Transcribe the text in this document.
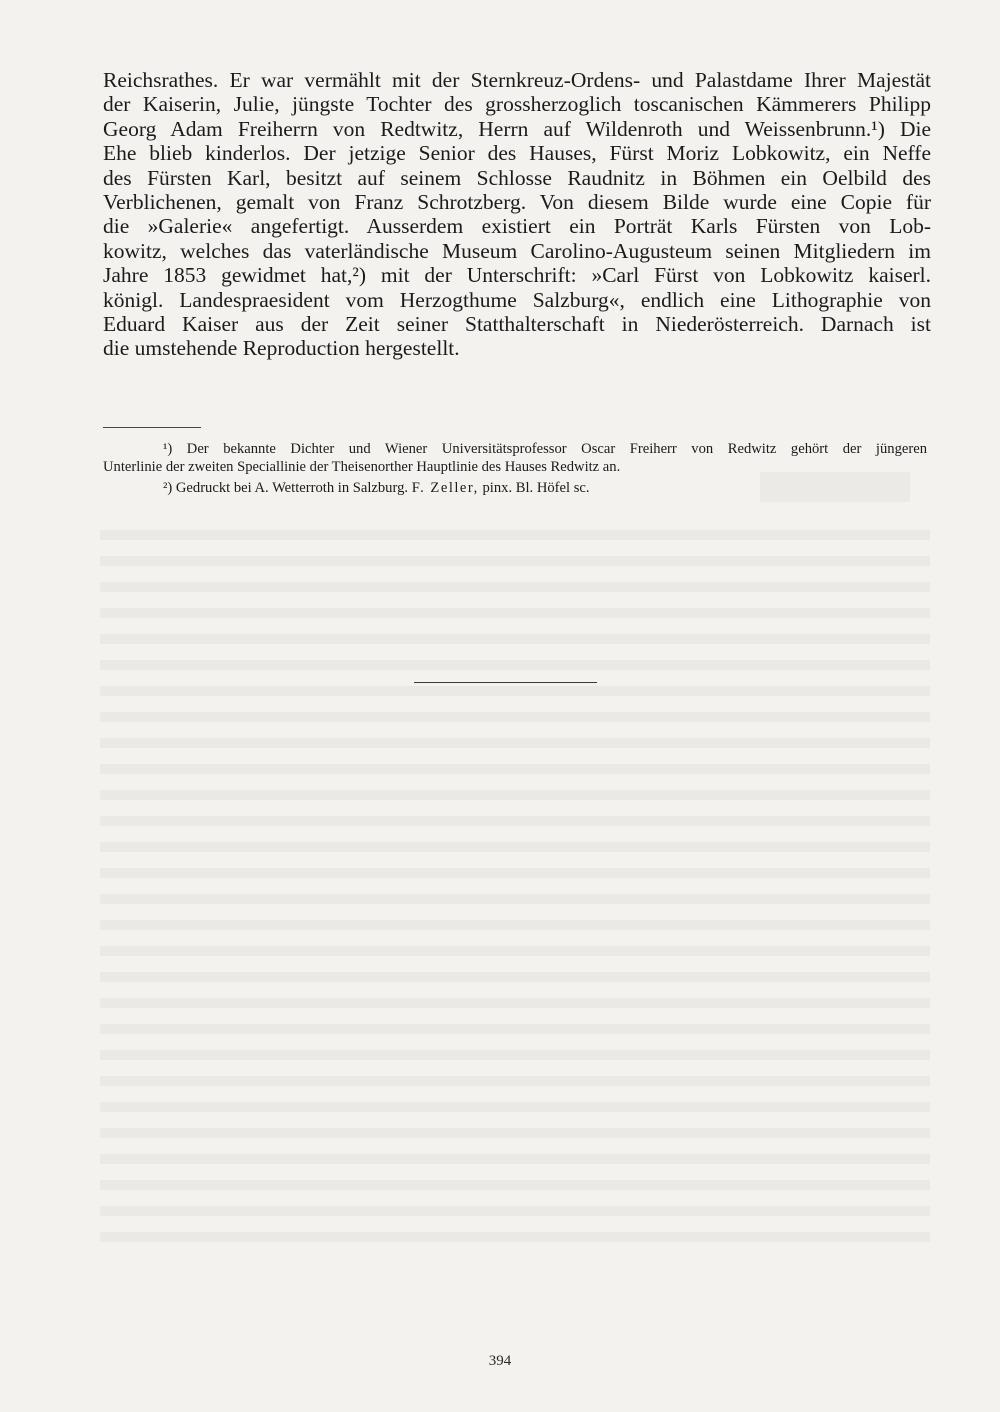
Reichsrathes. Er war vermählt mit der Sternkreuz-Ordens- und Palastdame Ihrer Majestät
der Kaiserin, Julie, jüngste Tochter des grossherzoglich toscanischen Kämmerers Philipp
Georg Adam Freiherrn von Redtwitz, Herrn auf Wildenroth und Weissenbrunn.¹) Die
Ehe blieb kinderlos. Der jetzige Senior des Hauses, Fürst Moriz Lobkowitz, ein Neffe
des Fürsten Karl, besitzt auf seinem Schlosse Raudnitz in Böhmen ein Oelbild des
Verblichenen, gemalt von Franz Schrotzberg. Von diesem Bilde wurde eine Copie für
die »Galerie« angefertigt. Ausserdem existiert ein Porträt Karls Fürsten von Lob-
kowitz, welches das vaterländische Museum Carolino-Augusteum seinen Mitgliedern im
Jahre 1853 gewidmet hat,²) mit der Unterschrift: »Carl Fürst von Lobkowitz kaiserl.
königl. Landespraesident vom Herzogthume Salzburg«, endlich eine Lithographie von
Eduard Kaiser aus der Zeit seiner Statthalterschaft in Niederösterreich. Darnach ist
die umstehende Reproduction hergestellt.
¹) Der bekannte Dichter und Wiener Universitätsprofessor Oscar Freiherr von Redwitz gehört der jüngeren
Unterlinie der zweiten Speciallinie der Theisenorther Hauptlinie des Hauses Redwitz an.
²) Gedruckt bei A. Wetterroth in Salzburg. F. Zeller, pinx. Bl. Höfel sc.
394
